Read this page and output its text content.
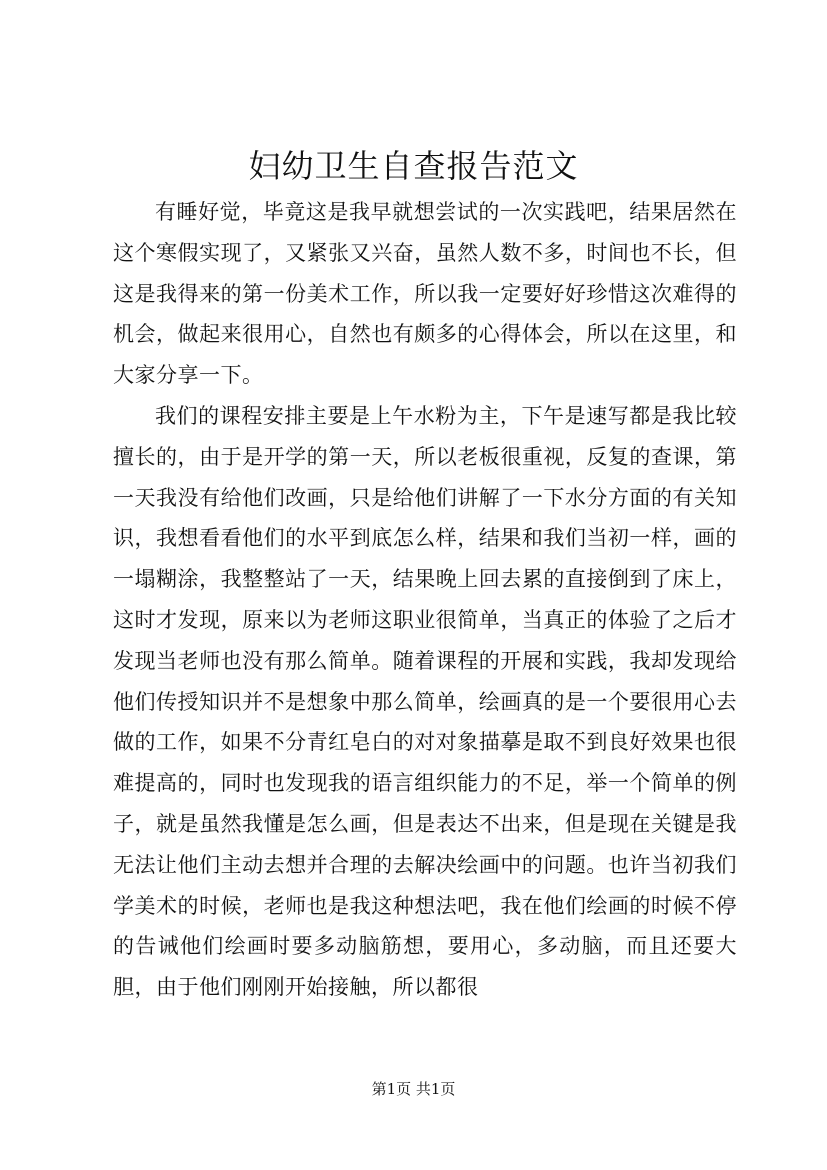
妇幼卫生自查报告范文

有睡好觉，毕竟这是我早就想尝试的一次实践吧，结果居然在这个寒假实现了，又紧张又兴奋，虽然人数不多，时间也不长，但这是我得来的第一份美术工作，所以我一定要好好珍惜这次难得的机会，做起来很用心，自然也有颇多的心得体会，所以在这里，和大家分享一下。

我们的课程安排主要是上午水粉为主，下午是速写都是我比较擅长的，由于是开学的第一天，所以老板很重视，反复的查课，第一天我没有给他们改画，只是给他们讲解了一下水分方面的有关知识，我想看看他们的水平到底怎么样，结果和我们当初一样，画的一塌糊涂，我整整站了一天，结果晚上回去累的直接倒到了床上，这时才发现，原来以为老师这职业很简单，当真正的体验了之后才发现当老师也没有那么简单。随着课程的开展和实践，我却发现给他们传授知识并不是想象中那么简单，绘画真的是一个要很用心去做的工作，如果不分青红皂白的对对象描摹是取不到良好效果也很难提高的，同时也发现我的语言组织能力的不足，举一个简单的例子，就是虽然我懂是怎么画，但是表达不出来，但是现在关键是我无法让他们主动去想并合理的去解决绘画中的问题。也许当初我们学美术的时候，老师也是我这种想法吧，我在他们绘画的时候不停的告诫他们绘画时要多动脑筋想，要用心，多动脑，而且还要大胆，由于他们刚刚开始接触，所以都很

第1页 共1页
